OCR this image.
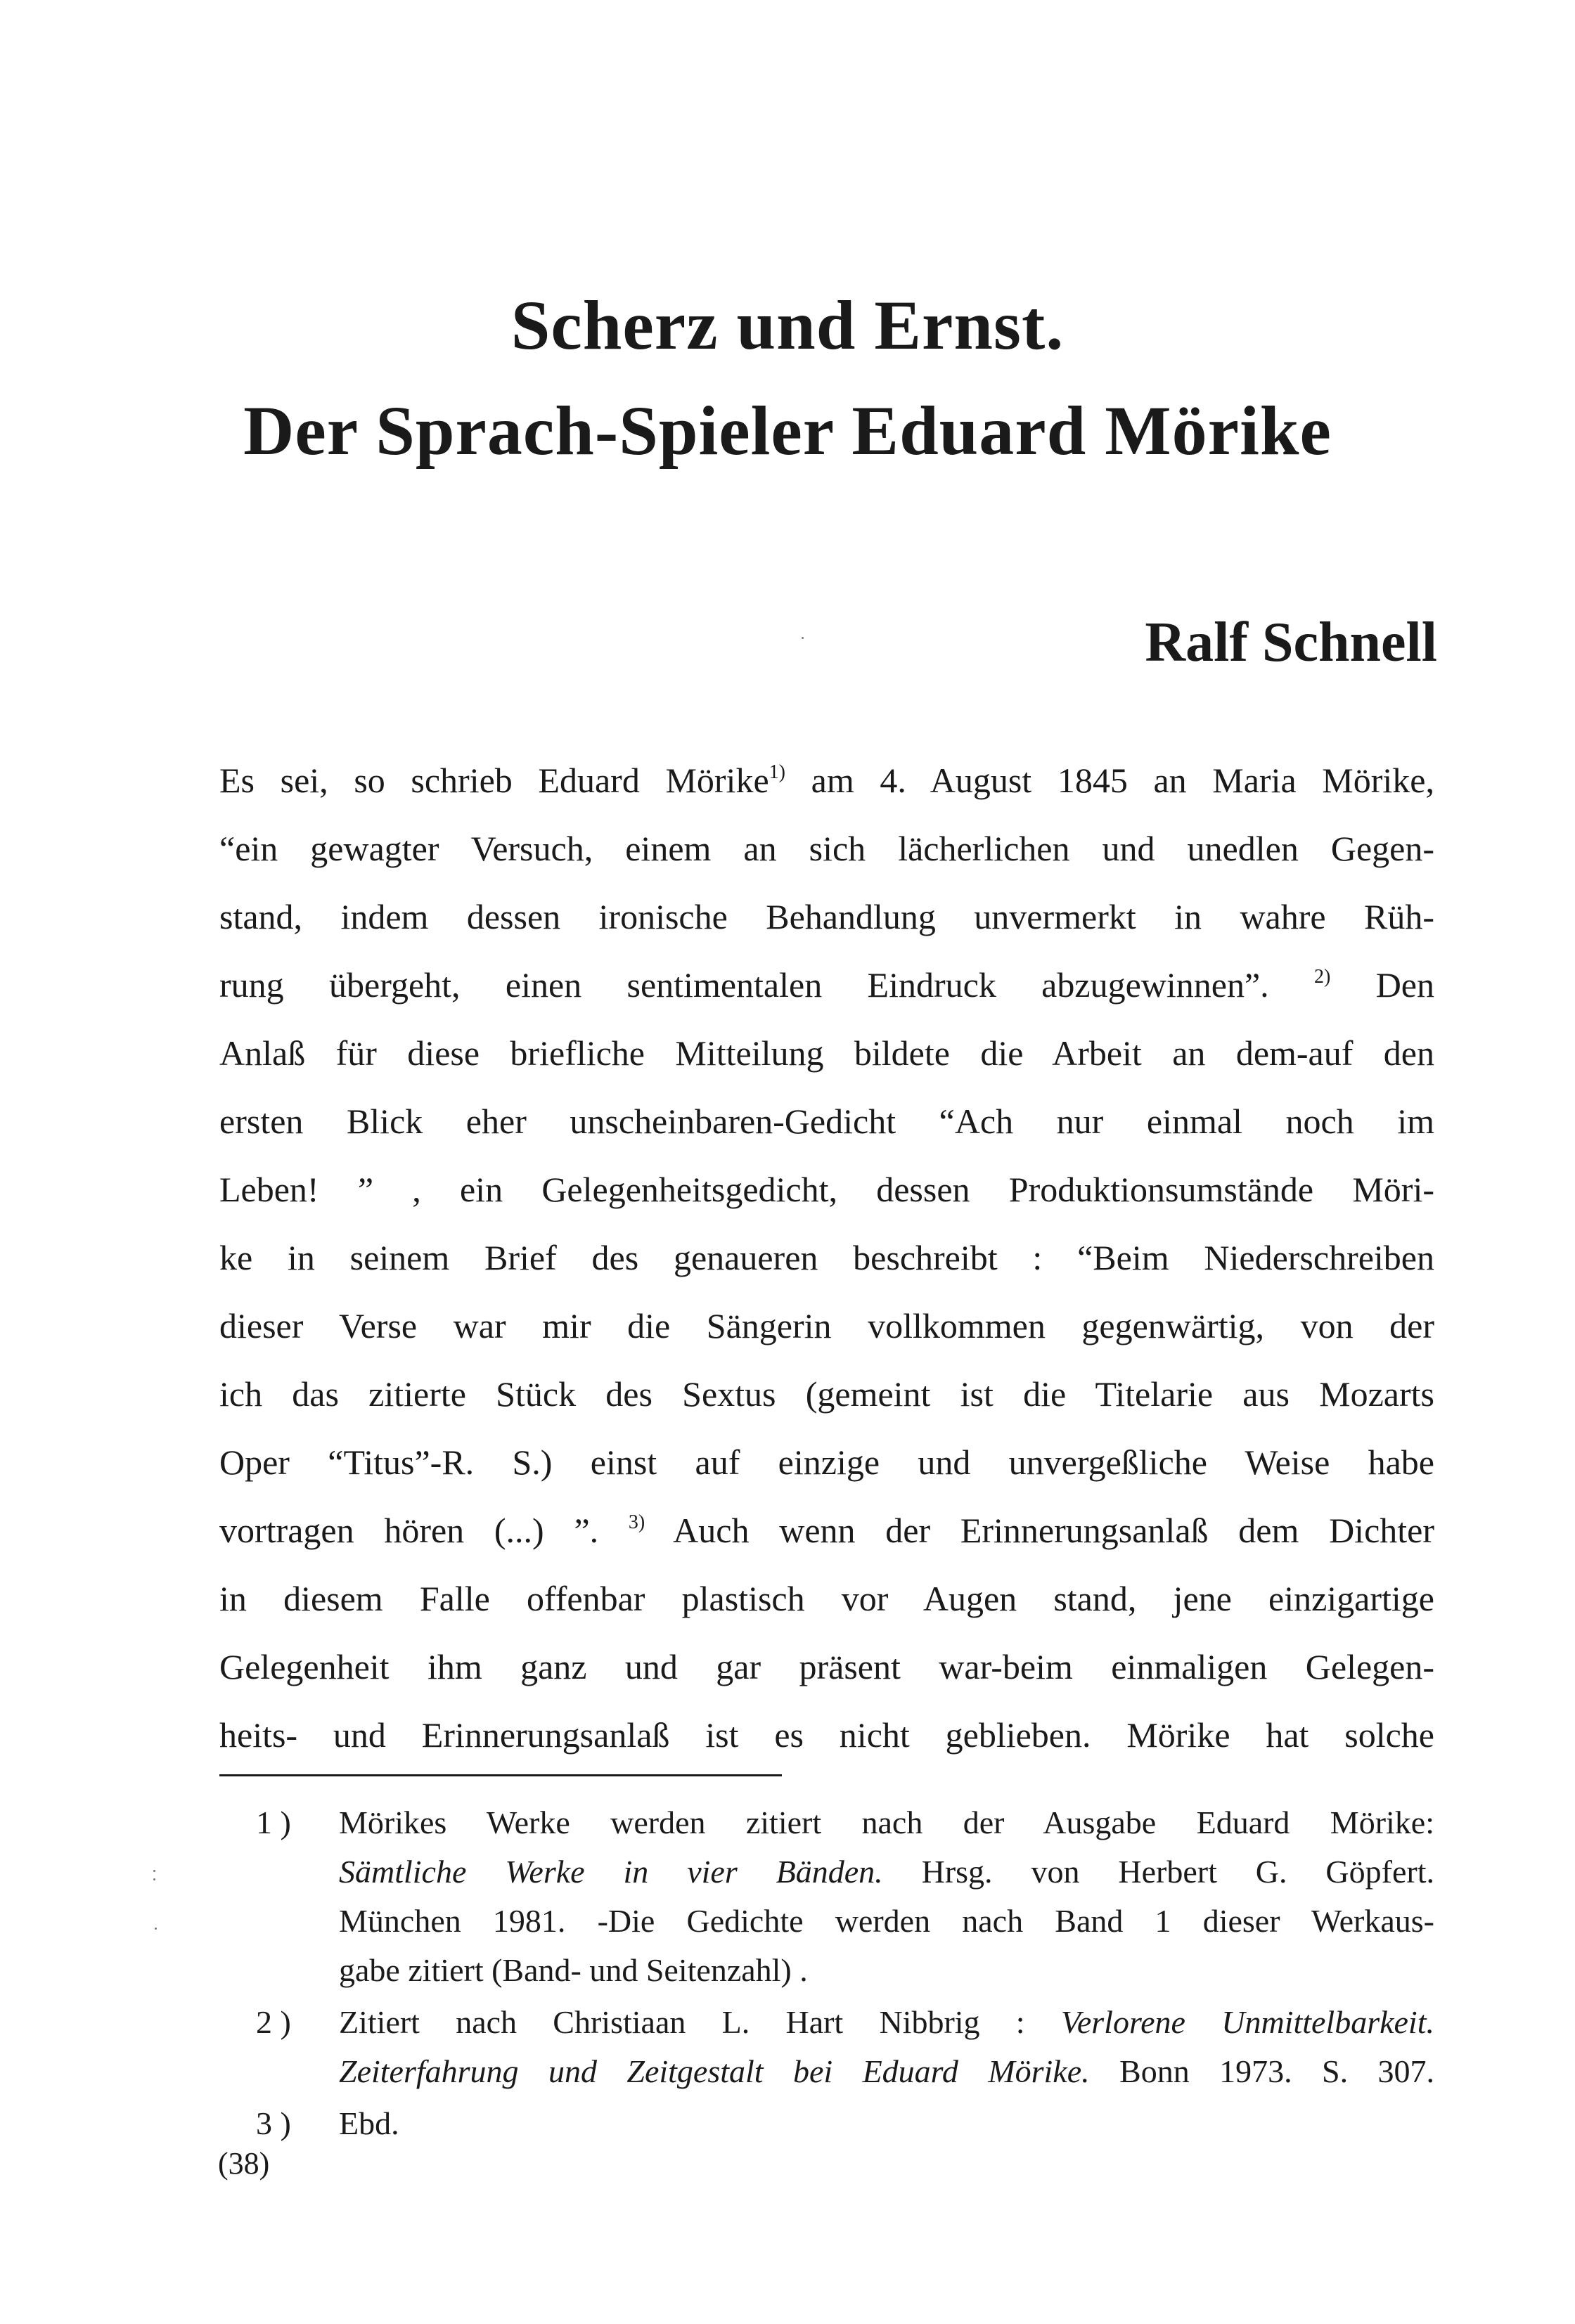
Scherz und Ernst.
Der Sprach-Spieler Eduard Mörike
Ralf Schnell
Es sei, so schrieb Eduard Mörike$^{1)}$ am 4. August 1845 an Maria Mörike,
“ein gewagter Versuch, einem an sich lächerlichen und unedlen Gegen-
stand, indem dessen ironische Behandlung unvermerkt in wahre Rüh-
rung übergeht, einen sentimentalen Eindruck abzugewinnen”. $^{2)}$ Den
Anlaß für diese briefliche Mitteilung bildete die Arbeit an dem-auf den
ersten Blick eher unscheinbaren-Gedicht “Ach nur einmal noch im
Leben! ” , ein Gelegenheitsgedicht, dessen Produktionsumstände Möri-
ke in seinem Brief des genaueren beschreibt : “Beim Niederschreiben
dieser Verse war mir die Sängerin vollkommen gegenwärtig, von der
ich das zitierte Stück des Sextus (gemeint ist die Titelarie aus Mozarts
Oper “Titus”-R. S.) einst auf einzige und unvergeßliche Weise habe
vortragen hören (...) ”. $^{3)}$ Auch wenn der Erinnerungsanlaß dem Dichter
in diesem Falle offenbar plastisch vor Augen stand, jene einzigartige
Gelegenheit ihm ganz und gar präsent war-beim einmaligen Gelegen-
heits- und Erinnerungsanlaß ist es nicht geblieben. Mörike hat solche
1 ) Mörikes Werke werden zitiert nach der Ausgabe Eduard Mörike:
Sämtliche Werke in vier Bänden. Hrsg. von Herbert G. Göpfert.
München 1981. -Die Gedichte werden nach Band 1 dieser Werkaus-
gabe zitiert (Band- und Seitenzahl) .
2 ) Zitiert nach Christiaan L. Hart Nibbrig : Verlorene Unmittelbarkeit.
Zeiterfahrung und Zeitgestalt bei Eduard Mörike. Bonn 1973. S. 307.
3 ) Ebd.
(38)
